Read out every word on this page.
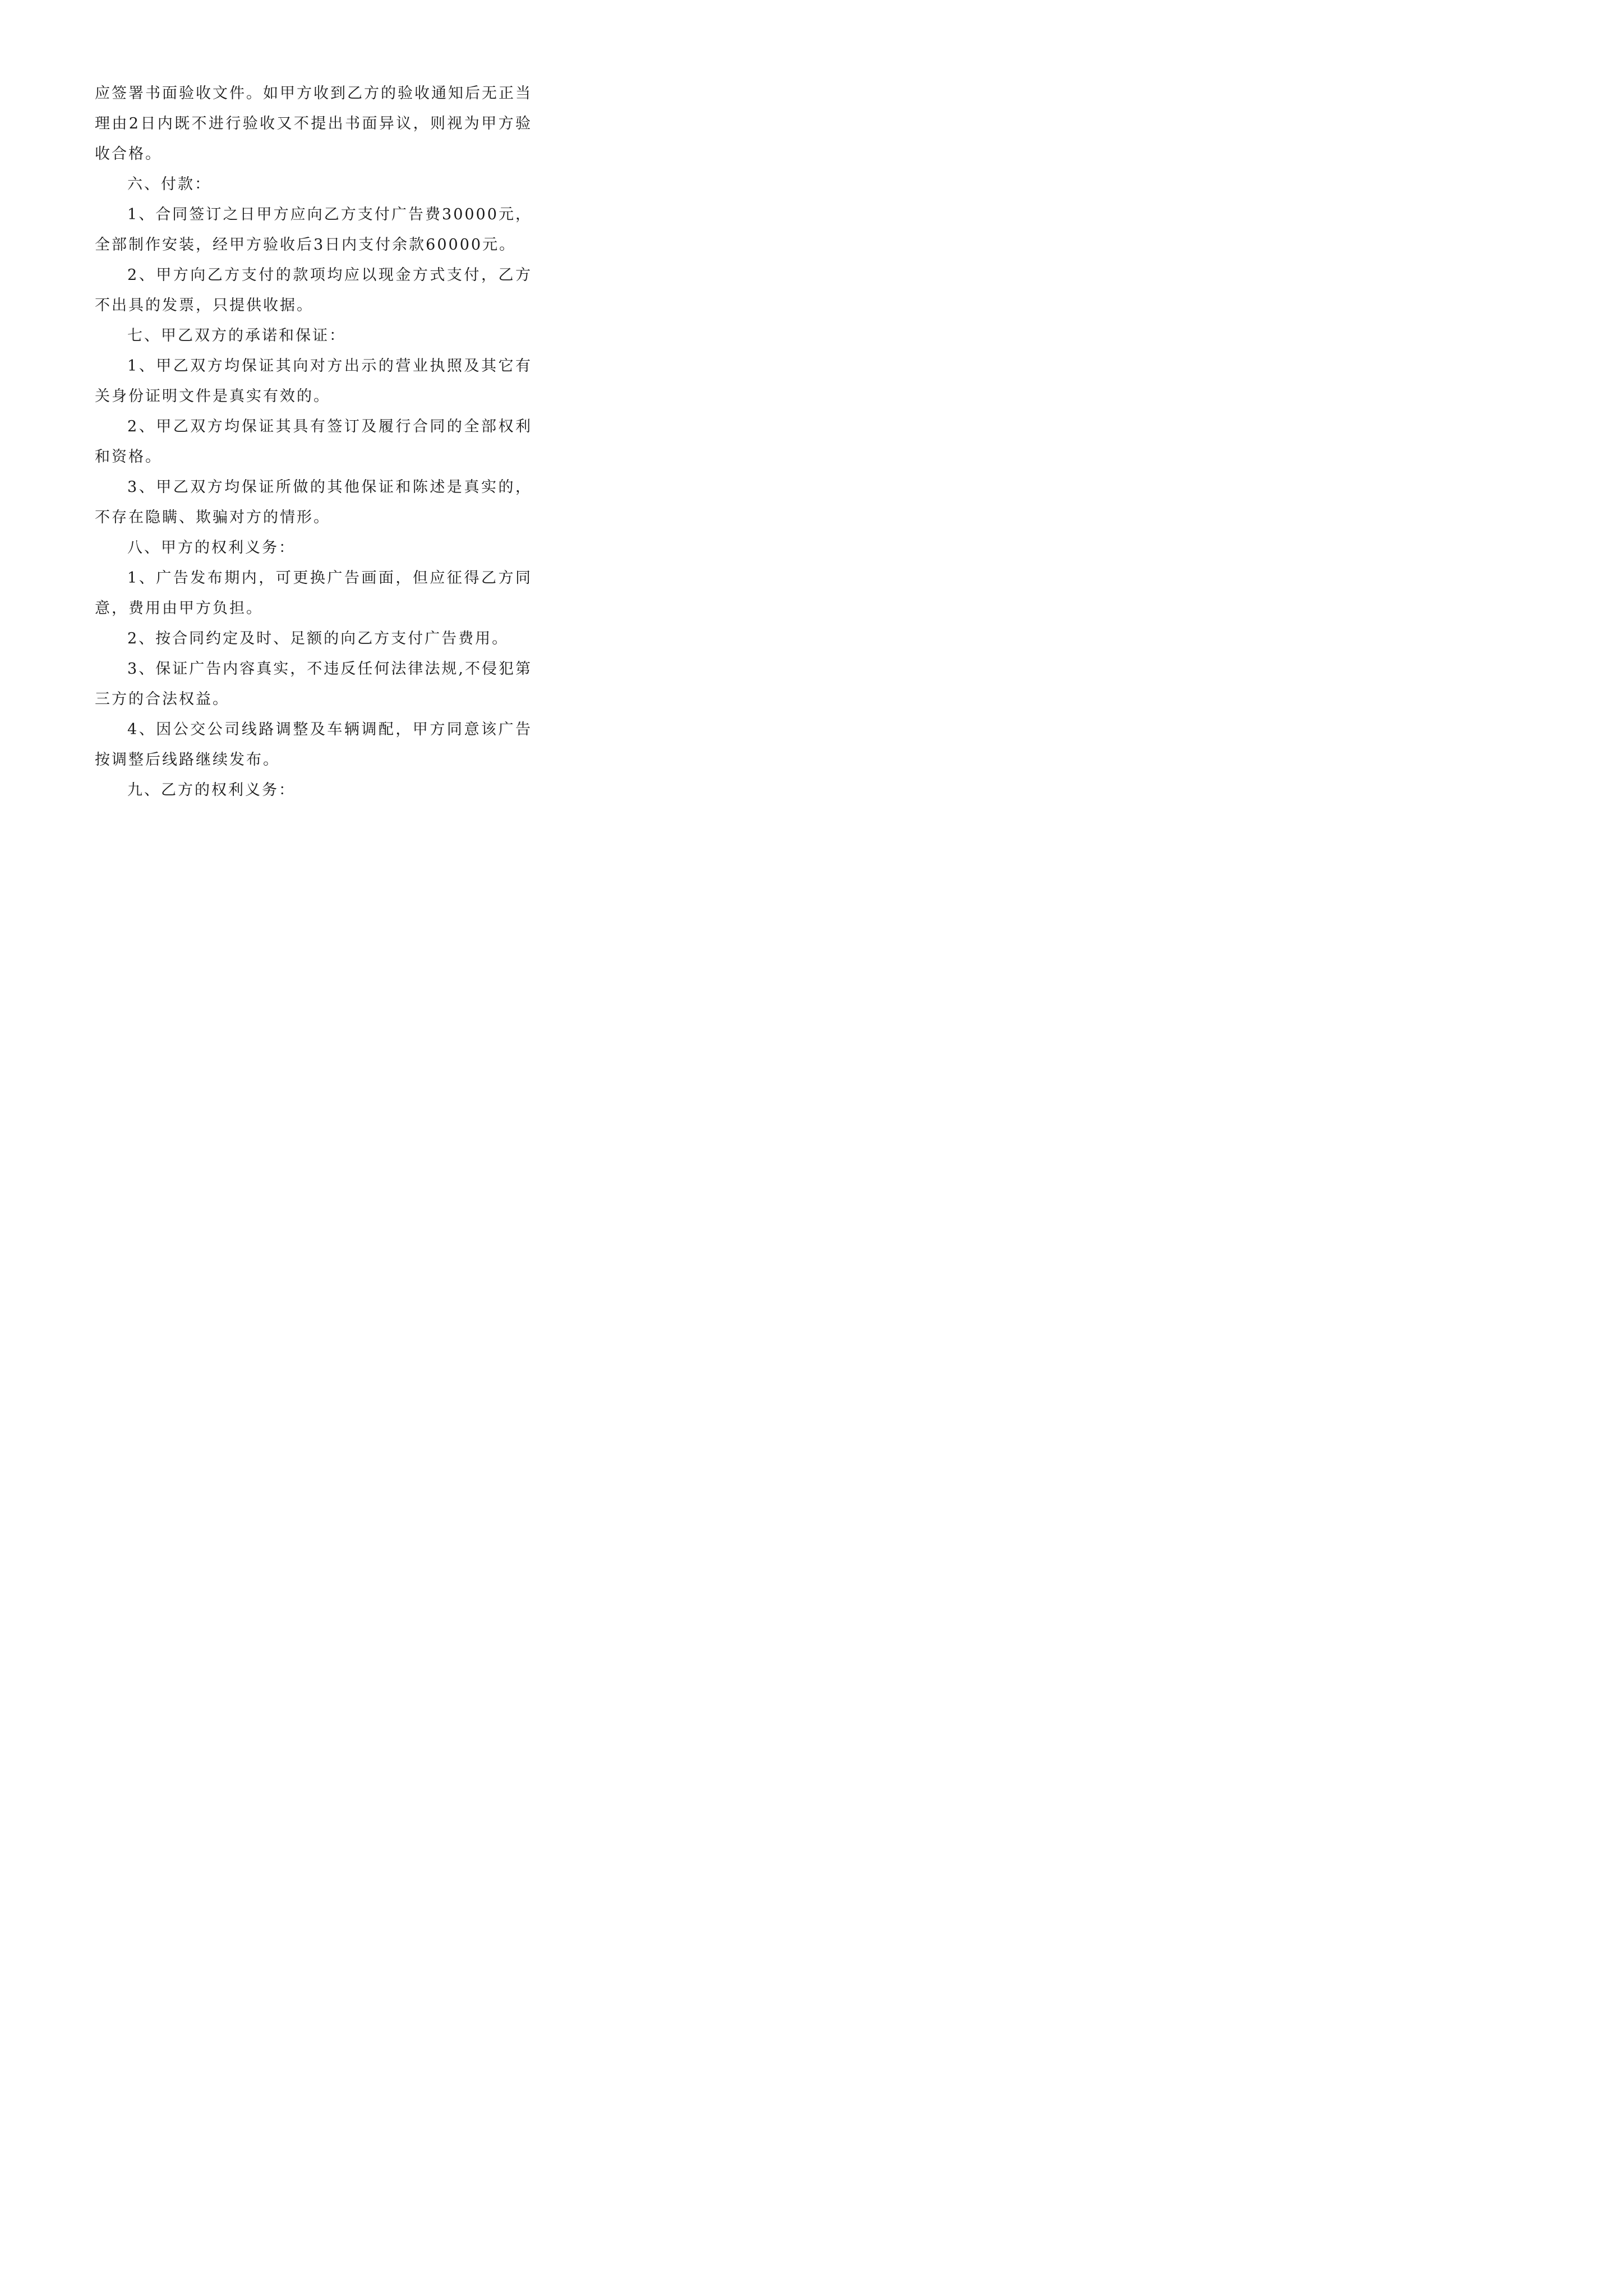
应签署书面验收文件。如甲方收到乙方的验收通知后无正当理由2日内既不进行验收又不提出书面异议，则视为甲方验收合格。

六、付款：

1、合同签订之日甲方应向乙方支付广告费30000元，全部制作安装，经甲方验收后3日内支付余款60000元。

2、甲方向乙方支付的款项均应以现金方式支付，乙方不出具的发票，只提供收据。

七、甲乙双方的承诺和保证：

1、甲乙双方均保证其向对方出示的营业执照及其它有关身份证明文件是真实有效的。

2、甲乙双方均保证其具有签订及履行合同的全部权利和资格。

3、甲乙双方均保证所做的其他保证和陈述是真实的，不存在隐瞒、欺骗对方的情形。

八、甲方的权利义务：

1、广告发布期内，可更换广告画面，但应征得乙方同意，费用由甲方负担。

2、按合同约定及时、足额的向乙方支付广告费用。

3、保证广告内容真实，不违反任何法律法规,不侵犯第三方的合法权益。

4、因公交公司线路调整及车辆调配，甲方同意该广告按调整后线路继续发布。

九、乙方的权利义务：
